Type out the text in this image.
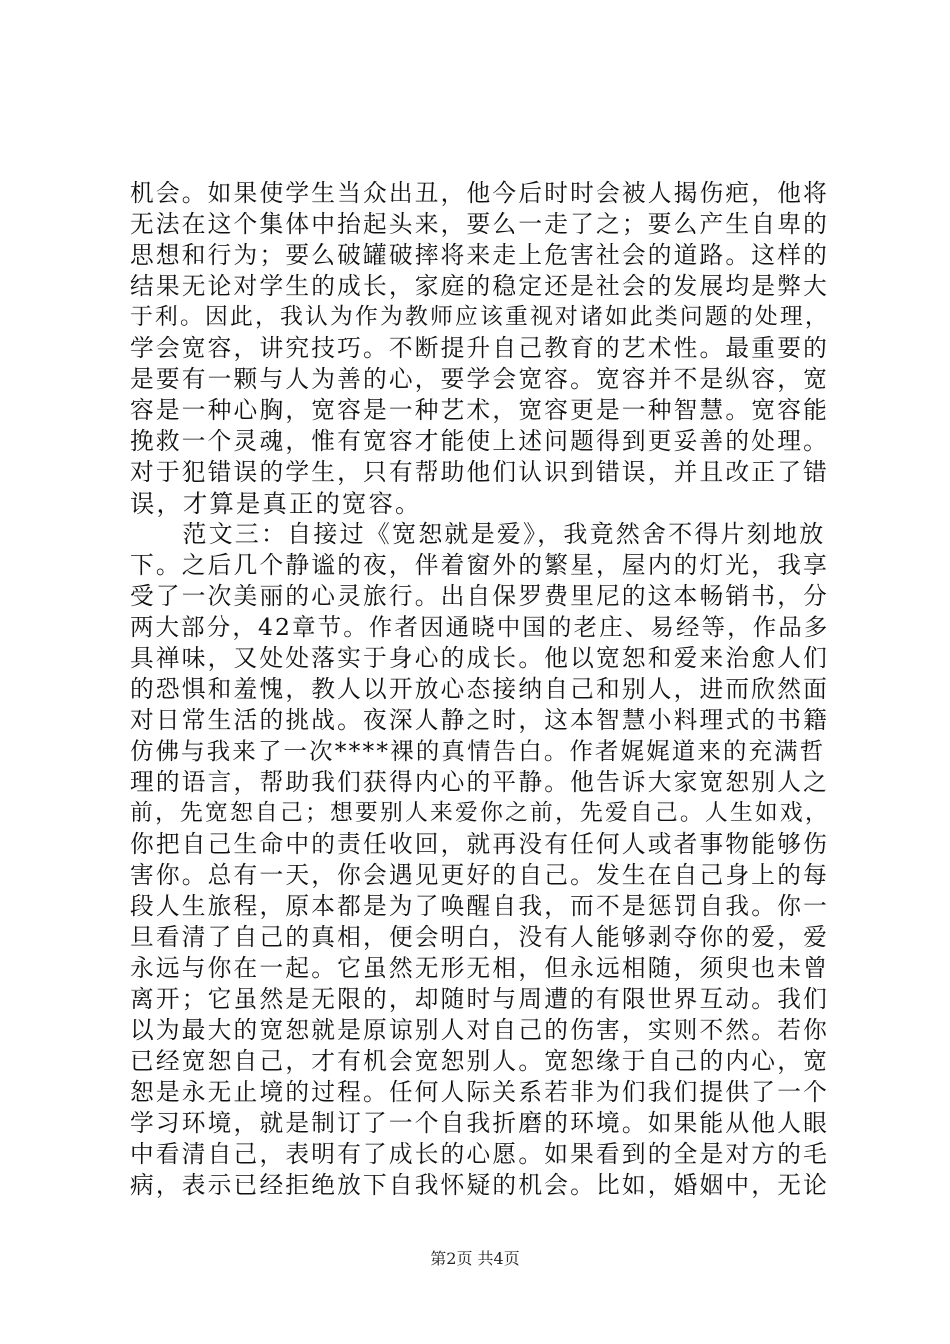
机会。如果使学生当众出丑，他今后时时会被人揭伤疤，他将
无法在这个集体中抬起头来，要么一走了之；要么产生自卑的
思想和行为；要么破罐破摔将来走上危害社会的道路。这样的
结果无论对学生的成长，家庭的稳定还是社会的发展均是弊大
于利。因此，我认为作为教师应该重视对诸如此类问题的处理，
学会宽容，讲究技巧。不断提升自己教育的艺术性。最重要的
是要有一颗与人为善的心，要学会宽容。宽容并不是纵容，宽
容是一种心胸，宽容是一种艺术，宽容更是一种智慧。宽容能
挽救一个灵魂，惟有宽容才能使上述问题得到更妥善的处理。
对于犯错误的学生，只有帮助他们认识到错误，并且改正了错
误，才算是真正的宽容。
　　范文三：自接过《宽恕就是爱》，我竟然舍不得片刻地放
下。之后几个静谧的夜，伴着窗外的繁星，屋内的灯光，我享
受了一次美丽的心灵旅行。出自保罗费里尼的这本畅销书，分
两大部分，42章节。作者因通晓中国的老庄、易经等，作品多
具禅味，又处处落实于身心的成长。他以宽恕和爱来治愈人们
的恐惧和羞愧，教人以开放心态接纳自己和别人，进而欣然面
对日常生活的挑战。夜深人静之时，这本智慧小料理式的书籍
仿佛与我来了一次****裸的真情告白。作者娓娓道来的充满哲
理的语言，帮助我们获得内心的平静。他告诉大家宽恕别人之
前，先宽恕自己；想要别人来爱你之前，先爱自己。人生如戏，
你把自己生命中的责任收回，就再没有任何人或者事物能够伤
害你。总有一天，你会遇见更好的自己。发生在自己身上的每
段人生旅程，原本都是为了唤醒自我，而不是惩罚自我。你一
旦看清了自己的真相，便会明白，没有人能够剥夺你的爱，爱
永远与你在一起。它虽然无形无相，但永远相随，须臾也未曾
离开；它虽然是无限的，却随时与周遭的有限世界互动。我们
以为最大的宽恕就是原谅别人对自己的伤害，实则不然。若你
已经宽恕自己，才有机会宽恕别人。宽恕缘于自己的内心，宽
恕是永无止境的过程。任何人际关系若非为们我们提供了一个
学习环境，就是制订了一个自我折磨的环境。如果能从他人眼
中看清自己，表明有了成长的心愿。如果看到的全是对方的毛
病，表示已经拒绝放下自我怀疑的机会。比如，婚姻中，无论
第2页 共4页
